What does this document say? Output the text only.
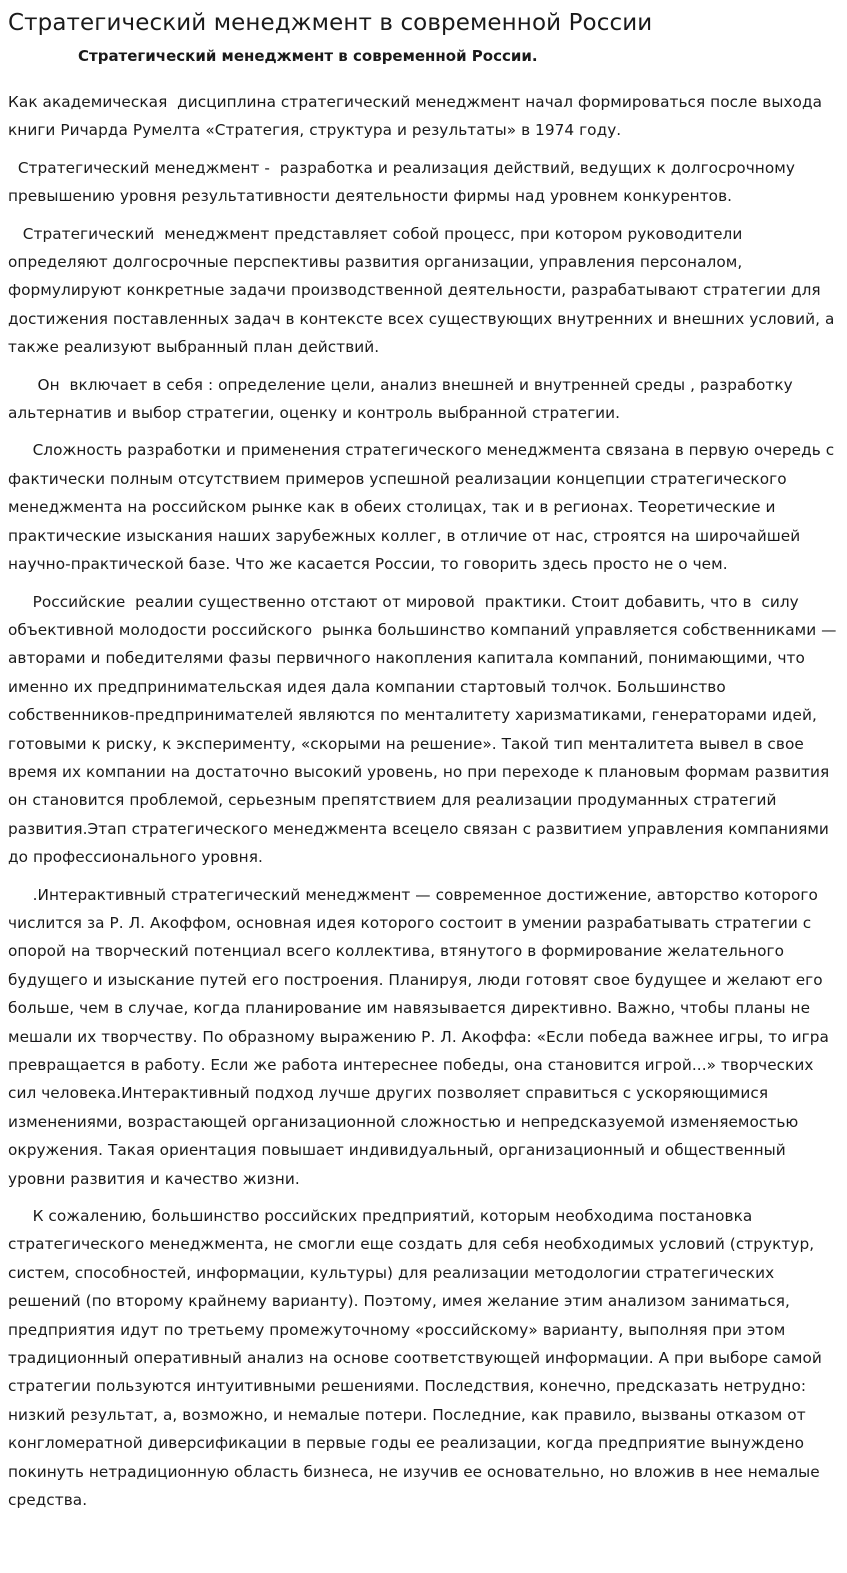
Стратегический менеджмент в современной России
Стратегический менеджмент в современной России.

Как академическая  дисциплина стратегический менеджмент начал формироваться после выхода книги Ричарда Румелта «Стратегия, структура и результаты» в 1974 году.

Стратегический менеджмент -  разработка и реализация действий, ведущих к долгосрочному превышению уровня результативности деятельности фирмы над уровнем конкурентов.

Стратегический  менеджмент представляет собой процесс, при котором руководители определяют долгосрочные перспективы развития организации, управления персоналом, формулируют конкретные задачи производственной деятельности, разрабатывают стратегии для достижения поставленных задач в контексте всех существующих внутренних и внешних условий, а также реализуют выбранный план действий.

Он  включает в себя : определение цели, анализ внешней и внутренней среды , разработку альтернатив и выбор стратегии, оценку и контроль выбранной стратегии.

Сложность разработки и применения стратегического менеджмента связана в первую очередь с фактически полным отсутствием примеров успешной реализации концепции стратегического менеджмента на российском рынке как в обеих столицах, так и в регионах. Теоретические и практические изыскания наших зарубежных коллег, в отличие от нас, строятся на широчайшей научно-практической базе. Что же касается России, то говорить здесь просто не о чем.

Российские  реалии существенно отстают от мировой  практики. Стоит добавить, что в  силу объективной молодости российского  рынка большинство компаний управляется собственниками — авторами и победителями фазы первичного накопления капитала компаний, понимающими, что именно их предпринимательская идея дала компании стартовый толчок. Большинство собственников-предпринимателей являются по менталитету харизматиками, генераторами идей, готовыми к риску, к эксперименту, «скорыми на решение». Такой тип менталитета вывел в свое время их компании на достаточно высокий уровень, но при переходе к плановым формам развития он становится проблемой, серьезным препятствием для реализации продуманных стратегий развития.Этап стратегического менеджмента всецело связан с развитием управления компаниями до профессионального уровня.

.Интерактивный стратегический менеджмент — современное достижение, авторство которого числится за Р. Л. Акоффом, основная идея которого состоит в умении разрабатывать стратегии с опорой на творческий потенциал всего коллектива, втянутого в формирование желательного будущего и изыскание путей его построения. Планируя, люди готовят свое будущее и желают его больше, чем в случае, когда планирование им навязывается директивно. Важно, чтобы планы не мешали их творчеству. По образному выражению Р. Л. Акоффа: «Если победа важнее игры, то игра превращается в работу. Если же работа интереснее победы, она становится игрой...» творческих сил человека.Интерактивный подход лучше других позволяет справиться с ускоряющимися изменениями, возрастающей организационной сложностью и непредсказуемой изменяемостью окружения. Такая ориентация повышает индивидуальный, организационный и общественный уровни развития и качество жизни.

К сожалению, большинство российских предприятий, которым необходима постановка стратегического менеджмента, не смогли еще создать для себя необходимых условий (структур, систем, способностей, информации, культуры) для реализации методологии стратегических решений (по второму крайнему варианту). Поэтому, имея желание этим анализом заниматься, предприятия идут по третьему промежуточному «российскому» варианту, выполняя при этом традиционный оперативный анализ на основе соответствующей информации. А при выборе самой стратегии пользуются интуитивными решениями. Последствия, конечно, предсказать нетрудно: низкий результат, а, возможно, и немалые потери. Последние, как правило, вызваны отказом от конгломератной диверсификации в первые годы ее реализации, когда предприятие вынуждено покинуть нетрадиционную область бизнеса, не изучив ее основательно, но вложив в нее немалые средства.
